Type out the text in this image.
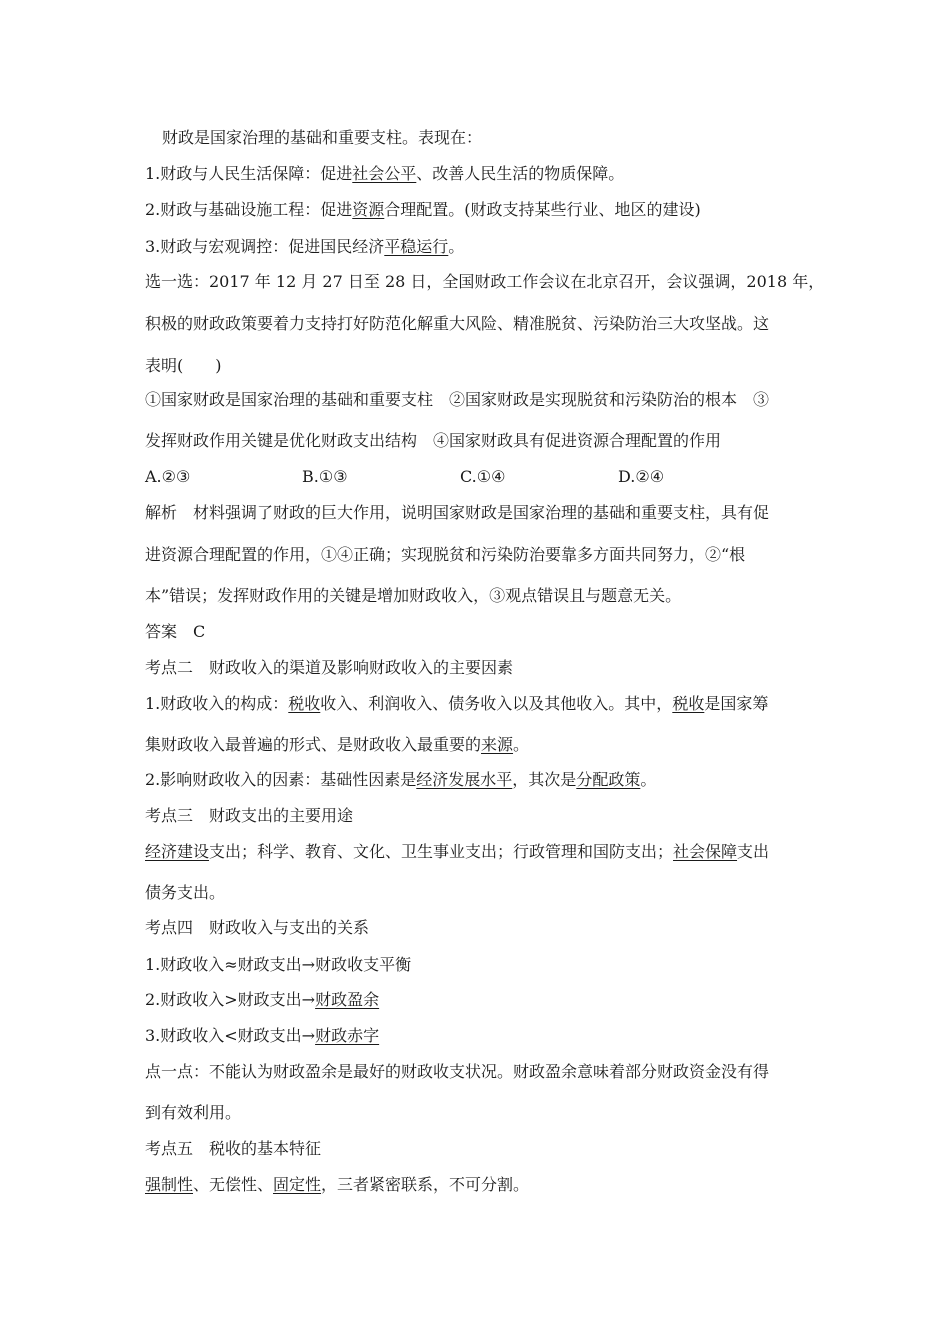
财政是国家治理的基础和重要支柱。表现在：
1.财政与人民生活保障：促进社会公平、改善人民生活的物质保障。
2.财政与基础设施工程：促进资源合理配置。(财政支持某些行业、地区的建设)
3.财政与宏观调控：促进国民经济平稳运行。
选一选：2017 年 12 月 27 日至 28 日，全国财政工作会议在北京召开，会议强调，2018 年，
积极的财政政策要着力支持打好防范化解重大风险、精准脱贫、污染防治三大攻坚战。这
表明(　　)
①国家财政是国家治理的基础和重要支柱　②国家财政是实现脱贫和污染防治的根本　③
发挥财政作用关键是优化财政支出结构　④国家财政具有促进资源合理配置的作用
A.②③	B.①③	C.①④	D.②④
解析　材料强调了财政的巨大作用，说明国家财政是国家治理的基础和重要支柱，具有促
进资源合理配置的作用，①④正确；实现脱贫和污染防治要靠多方面共同努力，②“根
本”错误；发挥财政作用的关键是增加财政收入，③观点错误且与题意无关。
答案　C
考点二　财政收入的渠道及影响财政收入的主要因素
1.财政收入的构成：税收收入、利润收入、债务收入以及其他收入。其中，税收是国家筹
集财政收入最普遍的形式、是财政收入最重要的来源。
2.影响财政收入的因素：基础性因素是经济发展水平，其次是分配政策。
考点三　财政支出的主要用途
经济建设支出；科学、教育、文化、卫生事业支出；行政管理和国防支出；社会保障支出
债务支出。
考点四　财政收入与支出的关系
1.财政收入≈财政支出→财政收支平衡
2.财政收入>财政支出→财政盈余
3.财政收入<财政支出→财政赤字
点一点：不能认为财政盈余是最好的财政收支状况。财政盈余意味着部分财政资金没有得
到有效利用。
考点五　税收的基本特征
强制性、无偿性、固定性，三者紧密联系，不可分割。
